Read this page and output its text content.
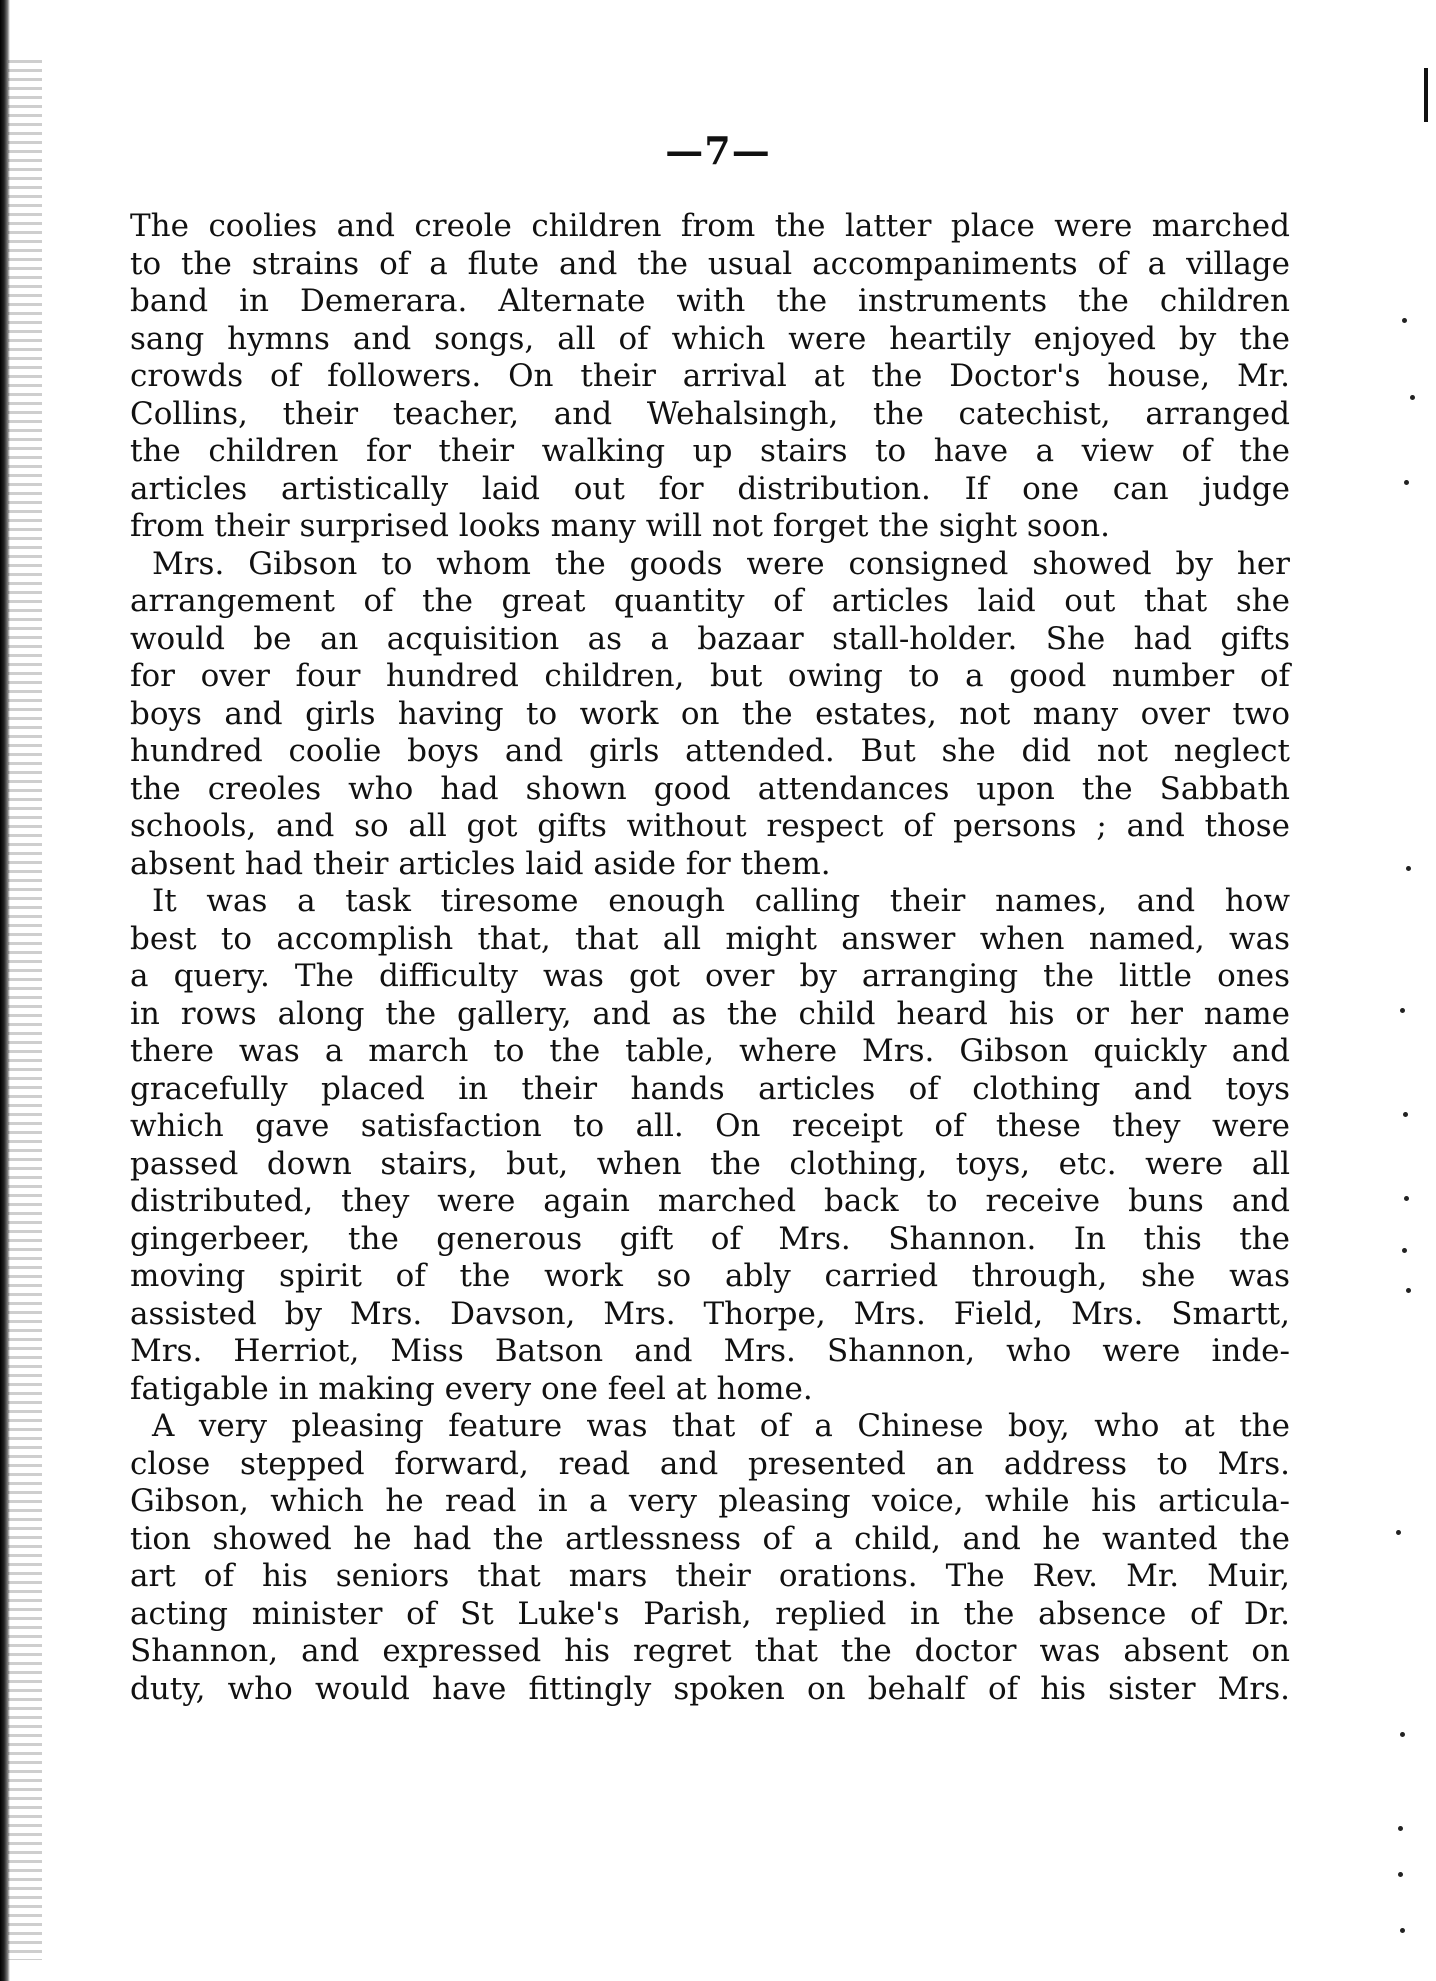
—7—
The coolies and creole children from the latter place were marched
to the strains of a flute and the usual accompaniments of a village
band in Demerara. Alternate with the instruments the children
sang hymns and songs, all of which were heartily enjoyed by the
crowds of followers. On their arrival at the Doctor's house, Mr.
Collins, their teacher, and Wehalsingh, the catechist, arranged
the children for their walking up stairs to have a view of the
articles artistically laid out for distribution. If one can judge
from their surprised looks many will not forget the sight soon.
Mrs. Gibson to whom the goods were consigned showed by her
arrangement of the great quantity of articles laid out that she
would be an acquisition as a bazaar stall-holder. She had gifts
for over four hundred children, but owing to a good number of
boys and girls having to work on the estates, not many over two
hundred coolie boys and girls attended. But she did not neglect
the creoles who had shown good attendances upon the Sabbath
schools, and so all got gifts without respect of persons ; and those
absent had their articles laid aside for them.
It was a task tiresome enough calling their names, and how
best to accomplish that, that all might answer when named, was
a query. The difficulty was got over by arranging the little ones
in rows along the gallery, and as the child heard his or her name
there was a march to the table, where Mrs. Gibson quickly and
gracefully placed in their hands articles of clothing and toys
which gave satisfaction to all. On receipt of these they were
passed down stairs, but, when the clothing, toys, etc. were all
distributed, they were again marched back to receive buns and
gingerbeer, the generous gift of Mrs. Shannon. In this the
moving spirit of the work so ably carried through, she was
assisted by Mrs. Davson, Mrs. Thorpe, Mrs. Field, Mrs. Smartt,
Mrs. Herriot, Miss Batson and Mrs. Shannon, who were inde-
fatigable in making every one feel at home.
A very pleasing feature was that of a Chinese boy, who at the
close stepped forward, read and presented an address to Mrs.
Gibson, which he read in a very pleasing voice, while his articula-
tion showed he had the artlessness of a child, and he wanted the
art of his seniors that mars their orations. The Rev. Mr. Muir,
acting minister of St Luke's Parish, replied in the absence of Dr.
Shannon, and expressed his regret that the doctor was absent on
duty, who would have fittingly spoken on behalf of his sister Mrs.
